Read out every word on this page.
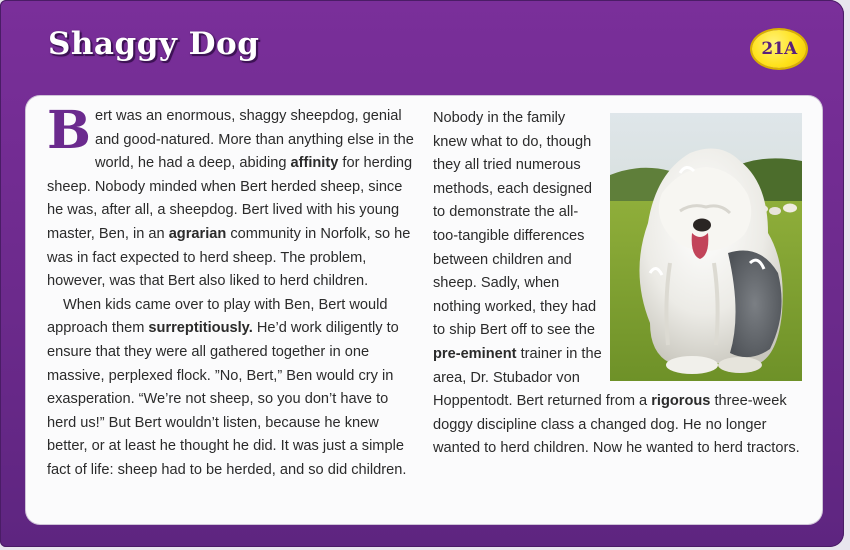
Shaggy Dog	21A

B ert was an enormous, shaggy sheepdog, genial and good-natured. More than anything else in the world, he had a deep, abiding affinity for herding sheep. Nobody minded when Bert herded sheep, since he was, after all, a sheepdog. Bert lived with his young master, Ben, in an agrarian community in Norfolk, so he was in fact expected to herd sheep. The problem, however, was that Bert also liked to herd children.

When kids came over to play with Ben, Bert would approach them surreptitiously. He’d work diligently to ensure that they were all gathered together in one massive, perplexed flock. ”No, Bert,” Ben would cry in exasperation. “We’re not sheep, so you don’t have to herd us!” But Bert wouldn’t listen, because he knew better, or at least he thought he did. It was just a simple fact of life: sheep had to be herded, and so did children.

Nobody in the family knew what to do, though they all tried numerous methods, each designed to demonstrate the all-too-tangible differences between children and sheep. Sadly, when nothing worked, they had to ship Bert off to see the pre-eminent trainer in the area, Dr. Stubador von Hoppentodt. Bert returned from a rigorous three-week doggy discipline class a changed dog. He no longer wanted to herd children. Now he wanted to herd tractors.
